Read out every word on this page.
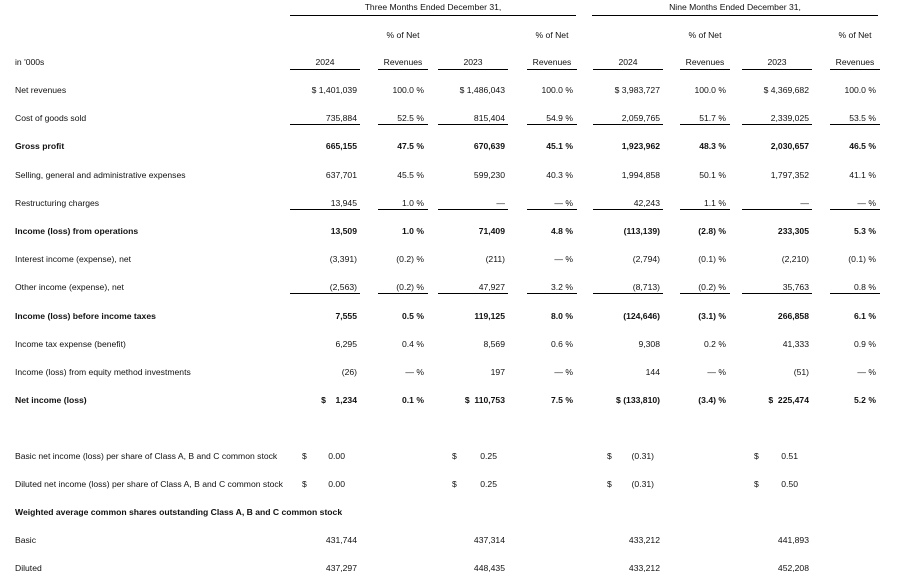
Three Months Ended December 31,	Nine Months Ended December 31,
% of Net	% of Net	% of Net	% of Net
in '000s	2024	Revenues	2023	Revenues	2024	Revenues	2023	Revenues
Net revenues	$ 1,401,039	100.0 %	$ 1,486,043	100.0 %	$ 3,983,727	100.0 %	$ 4,369,682	100.0 %
Cost of goods sold	735,884	52.5 %	815,404	54.9 %	2,059,765	51.7 %	2,339,025	53.5 %
Gross profit	665,155	47.5 %	670,639	45.1 %	1,923,962	48.3 %	2,030,657	46.5 %
Selling, general and administrative expenses	637,701	45.5 %	599,230	40.3 %	1,994,858	50.1 %	1,797,352	41.1 %
Restructuring charges	13,945	1.0 %	—	— %	42,243	1.1 %	—	— %
Income (loss) from operations	13,509	1.0 %	71,409	4.8 %	(113,139)	(2.8) %	233,305	5.3 %
Interest income (expense), net	(3,391)	(0.2) %	(211)	— %	(2,794)	(0.1) %	(2,210)	(0.1) %
Other income (expense), net	(2,563)	(0.2) %	47,927	3.2 %	(8,713)	(0.2) %	35,763	0.8 %
Income (loss) before income taxes	7,555	0.5 %	119,125	8.0 %	(124,646)	(3.1) %	266,858	6.1 %
Income tax expense (benefit)	6,295	0.4 %	8,569	0.6 %	9,308	0.2 %	41,333	0.9 %
Income (loss) from equity method investments	(26)	— %	197	— %	144	— %	(51)	— %
Net income (loss)	$    1,234	0.1 %	$  110,753	7.5 %	$ (133,810)	(3.4) %	$  225,474	5.2 %
Basic net income (loss) per share of Class A, B and C common stock	$	0.00	$	0.25	$	(0.31)	$	0.51
Diluted net income (loss) per share of Class A, B and C common stock $	0.00	$	0.25	$	(0.31)	$	0.50
Weighted average common shares outstanding Class A, B and C common stock
Basic	431,744	437,314	433,212	441,893
Diluted	437,297	448,435	433,212	452,208
